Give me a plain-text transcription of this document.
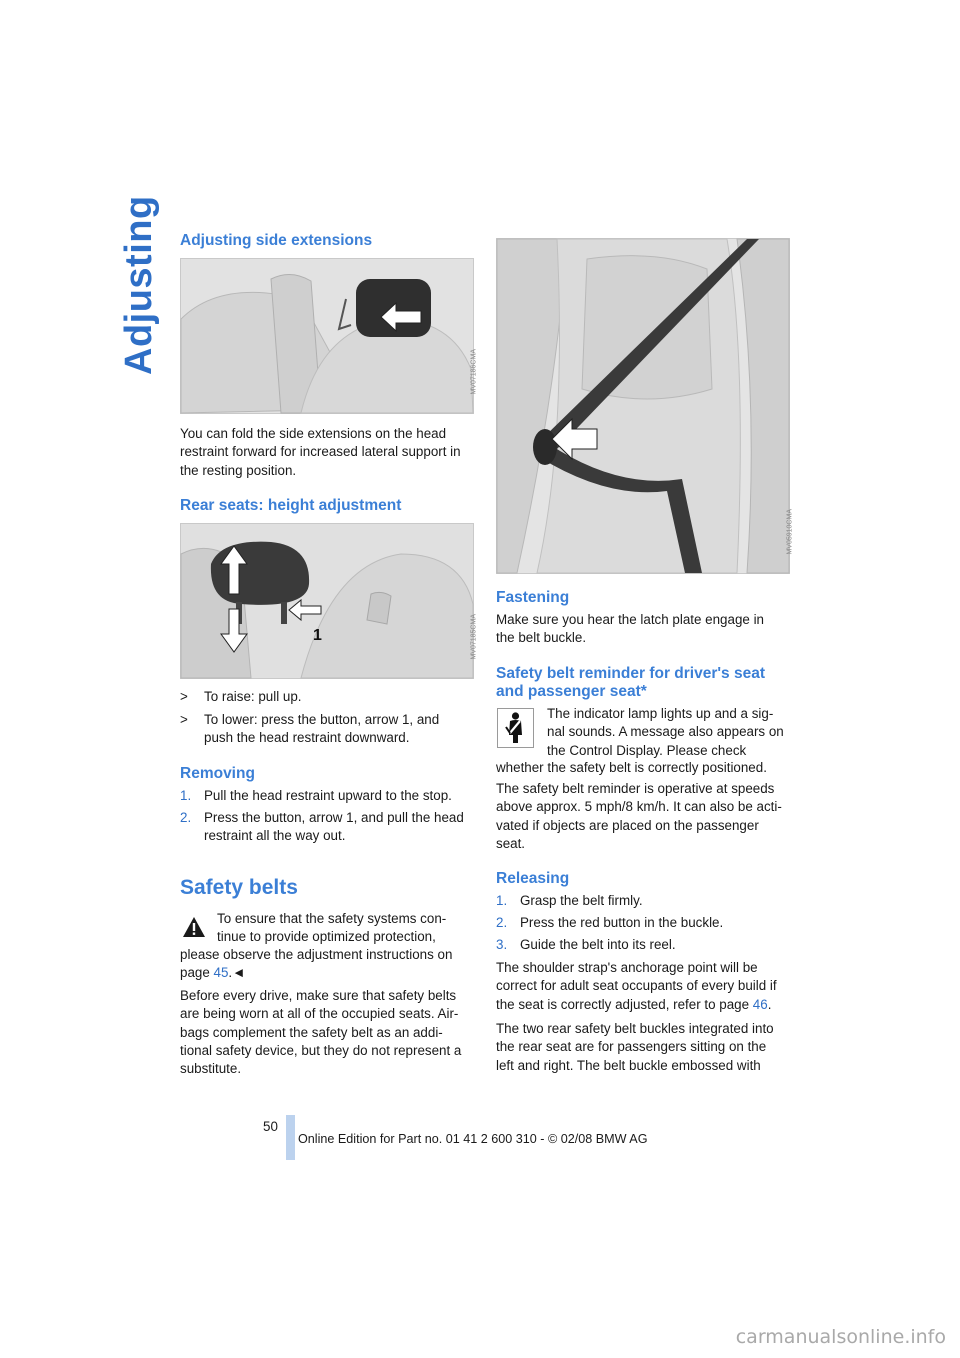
Adjusting Adjusting side extensions
MV07186CMA

You can fold the side extensions on the head
restraint forward for increased lateral support in
the resting position.

Rear seats: height adjustment
1	MV07185CMA
> To raise: pull up.
> To lower: press the button, arrow 1, and
push the head restraint downward.
Removing
1. Pull the head restraint upward to the stop.
2. Press the button, arrow 1, and pull the head
restraint all the way out.
Safety belts

To ensure that the safety systems con-
tinue to provide optimized protection,

please observe the adjustment instructions on
page 45.◄

Before every drive, make sure that safety belts
are being worn at all of the occupied seats. Air-
bags complement the safety belt as an addi-
tional safety device, but they do not represent a
substitute.

MV05910CMA
Fastening

Make sure you hear the latch plate engage in
the belt buckle.

Safety belt reminder for driver's seat
and passenger seat*

The indicator lamp lights up and a sig-
nal sounds. A message also appears on
the Control Display. Please check

whether the safety belt is correctly positioned.

The safety belt reminder is operative at speeds
above approx. 5 mph/8 km/h. It can also be acti-
vated if objects are placed on the passenger
seat.

Releasing
1. Grasp the belt firmly.
2. Press the red button in the buckle.
3. Guide the belt into its reel.

The shoulder strap's anchorage point will be
correct for adult seat occupants of every build if
the seat is correctly adjusted, refer to page 46.

The two rear safety belt buckles integrated into
the rear seat are for passengers sitting on the
left and right. The belt buckle embossed with

50
Online Edition for Part no. 01 41 2 600 310 - © 02/08 BMW AG
carmanualsonline.info
